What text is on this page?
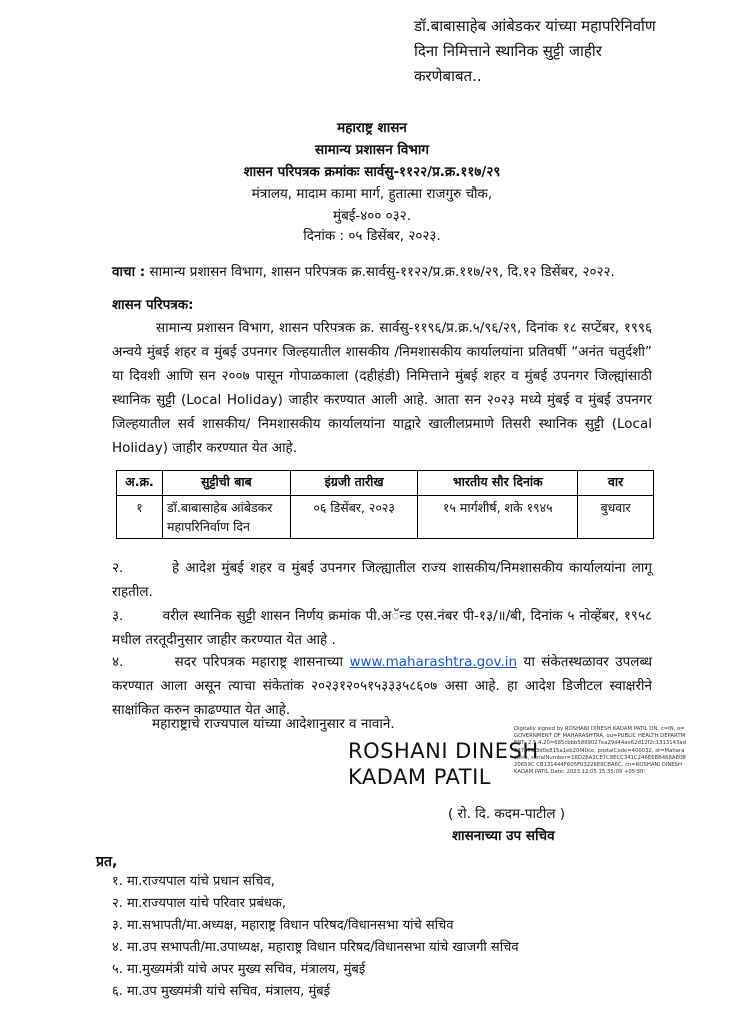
डॉ.बाबासाहेब आंबेडकर यांच्या महापरिनिर्वाण
दिना निमित्ताने स्थानिक सुट्टी जाहीर
करणेबाबत..
महाराष्ट्र शासन
सामान्य प्रशासन विभाग
शासन परिपत्रक क्रमांकः सार्वसु-११२२/प्र.क्र.११७/२९
मंत्रालय, मादाम कामा मार्ग, हुतात्मा राजगुरु चौक,
मुंबई-४०० ०३२.
दिनांक : ०५ डिसेंबर, २०२३.
वाचा : सामान्य प्रशासन विभाग, शासन परिपत्रक क्र.सार्वसु-११२२/प्र.क्र.११७/२९, दि.१२ डिसेंबर, २०२२.
शासन परिपत्रक:

सामान्य प्रशासन विभाग, शासन परिपत्रक क्र. सार्वसु-११९६/प्र.क्र.५/९६/२९, दिनांक १८ सप्टेंबर, १९९६ अन्वये मुंबई शहर व मुंबई उपनगर जिल्हयातील शासकीय /निमशासकीय कार्यालयांना प्रतिवर्षी “अनंत चतुर्दशी” या दिवशी आणि सन २००७ पासून गोपाळकाला (दहीहंडी) निमित्ताने मुंबई शहर व मुंबई उपनगर जिल्ह्यांसाठी स्थानिक सुट्टी (Local Holiday) जाहीर करण्यात आली आहे. आता सन २०२३ मध्ये मुंबई व मुंबई उपनगर जिल्हयातील सर्व शासकीय/ निमशासकीय कार्यालयांना याद्वारे खालीलप्रमाणे तिसरी स्थानिक सुट्टी (Local Holiday) जाहीर करण्यात येत आहे.

अ.क्र.	सुट्टीची बाब	इंग्रजी तारीख	भारतीय सौर दिनांक	वार
१	डॉ.बाबासाहेब आंबेडकर महापरिनिर्वाण दिन	०६ डिसेंबर, २०२३	१५ मार्गशीर्ष, शके १९४५	बुधवार

२.	हे आदेश मुंबई शहर व मुंबई उपनगर जिल्ह्यातील राज्य शासकीय/निमशासकीय कार्यालयांना लागू राहतील.

३.	वरील स्थानिक सुट्टी शासन निर्णय क्रमांक पी.अॅन्ड एस.नंबर पी-१३/॥/बी, दिनांक ५ नोव्हेंबर, १९५८ मधील तरतूदीनुसार जाहीर करण्यात येत आहे .

४.	सदर परिपत्रक महाराष्ट्र शासनाच्या www.maharashtra.gov.in या संकेतस्थळावर उपलब्ध करण्यात आला असून त्याचा संकेतांक २०२३१२०५१५३३३५८६०७ असा आहे. हा आदेश डिजीटल स्वाक्षरीने साक्षांकित करुन काढण्यात येत आहे.

महाराष्ट्राचे राज्यपाल यांच्या आदेशानुसार व नावाने.
ROSHANI DINESH
KADAM PATIL
Digitally signed by ROSHANI DINESH KADAM PATIL DN: c=IN, o=GOVERNMENT OF MAHARASHTRA, ou=PUBLIC HEALTH DEPARTMENT, 2.5.4.20=685cbbb5899027ea29d44ae62d12f2c1313143ad837675 3d0e815a1eb20f40ce, postalCode=400032, st=Maharashtra, serialNumber=16D26A3CE7C8ECC341C246E6BB468A80B20659C CB131444F605F03226E9CBA6C, cn=ROSHANI DINESH KADAM PATIL Date: 2023.12.05 15:35:09 +05'30'
( रो. दि. कदम-पाटील )
शासनाच्या उप सचिव
प्रत,
१. मा.राज्यपाल यांचे प्रधान सचिव,
२. मा.राज्यपाल यांचे परिवार प्रबंधक,
३. मा.सभापती/मा.अध्यक्ष, महाराष्ट्र विधान परिषद/विधानसभा यांचे सचिव
४. मा.उप सभापती/मा.उपाध्यक्ष, महाराष्ट्र विधान परिषद/विधानसभा यांचे खाजगी सचिव
५. मा.मुख्यमंत्री यांचे अपर मुख्य सचिव, मंत्रालय, मुंबई
६. मा.उप मुख्यमंत्री यांचे सचिव, मंत्रालय, मुंबई
